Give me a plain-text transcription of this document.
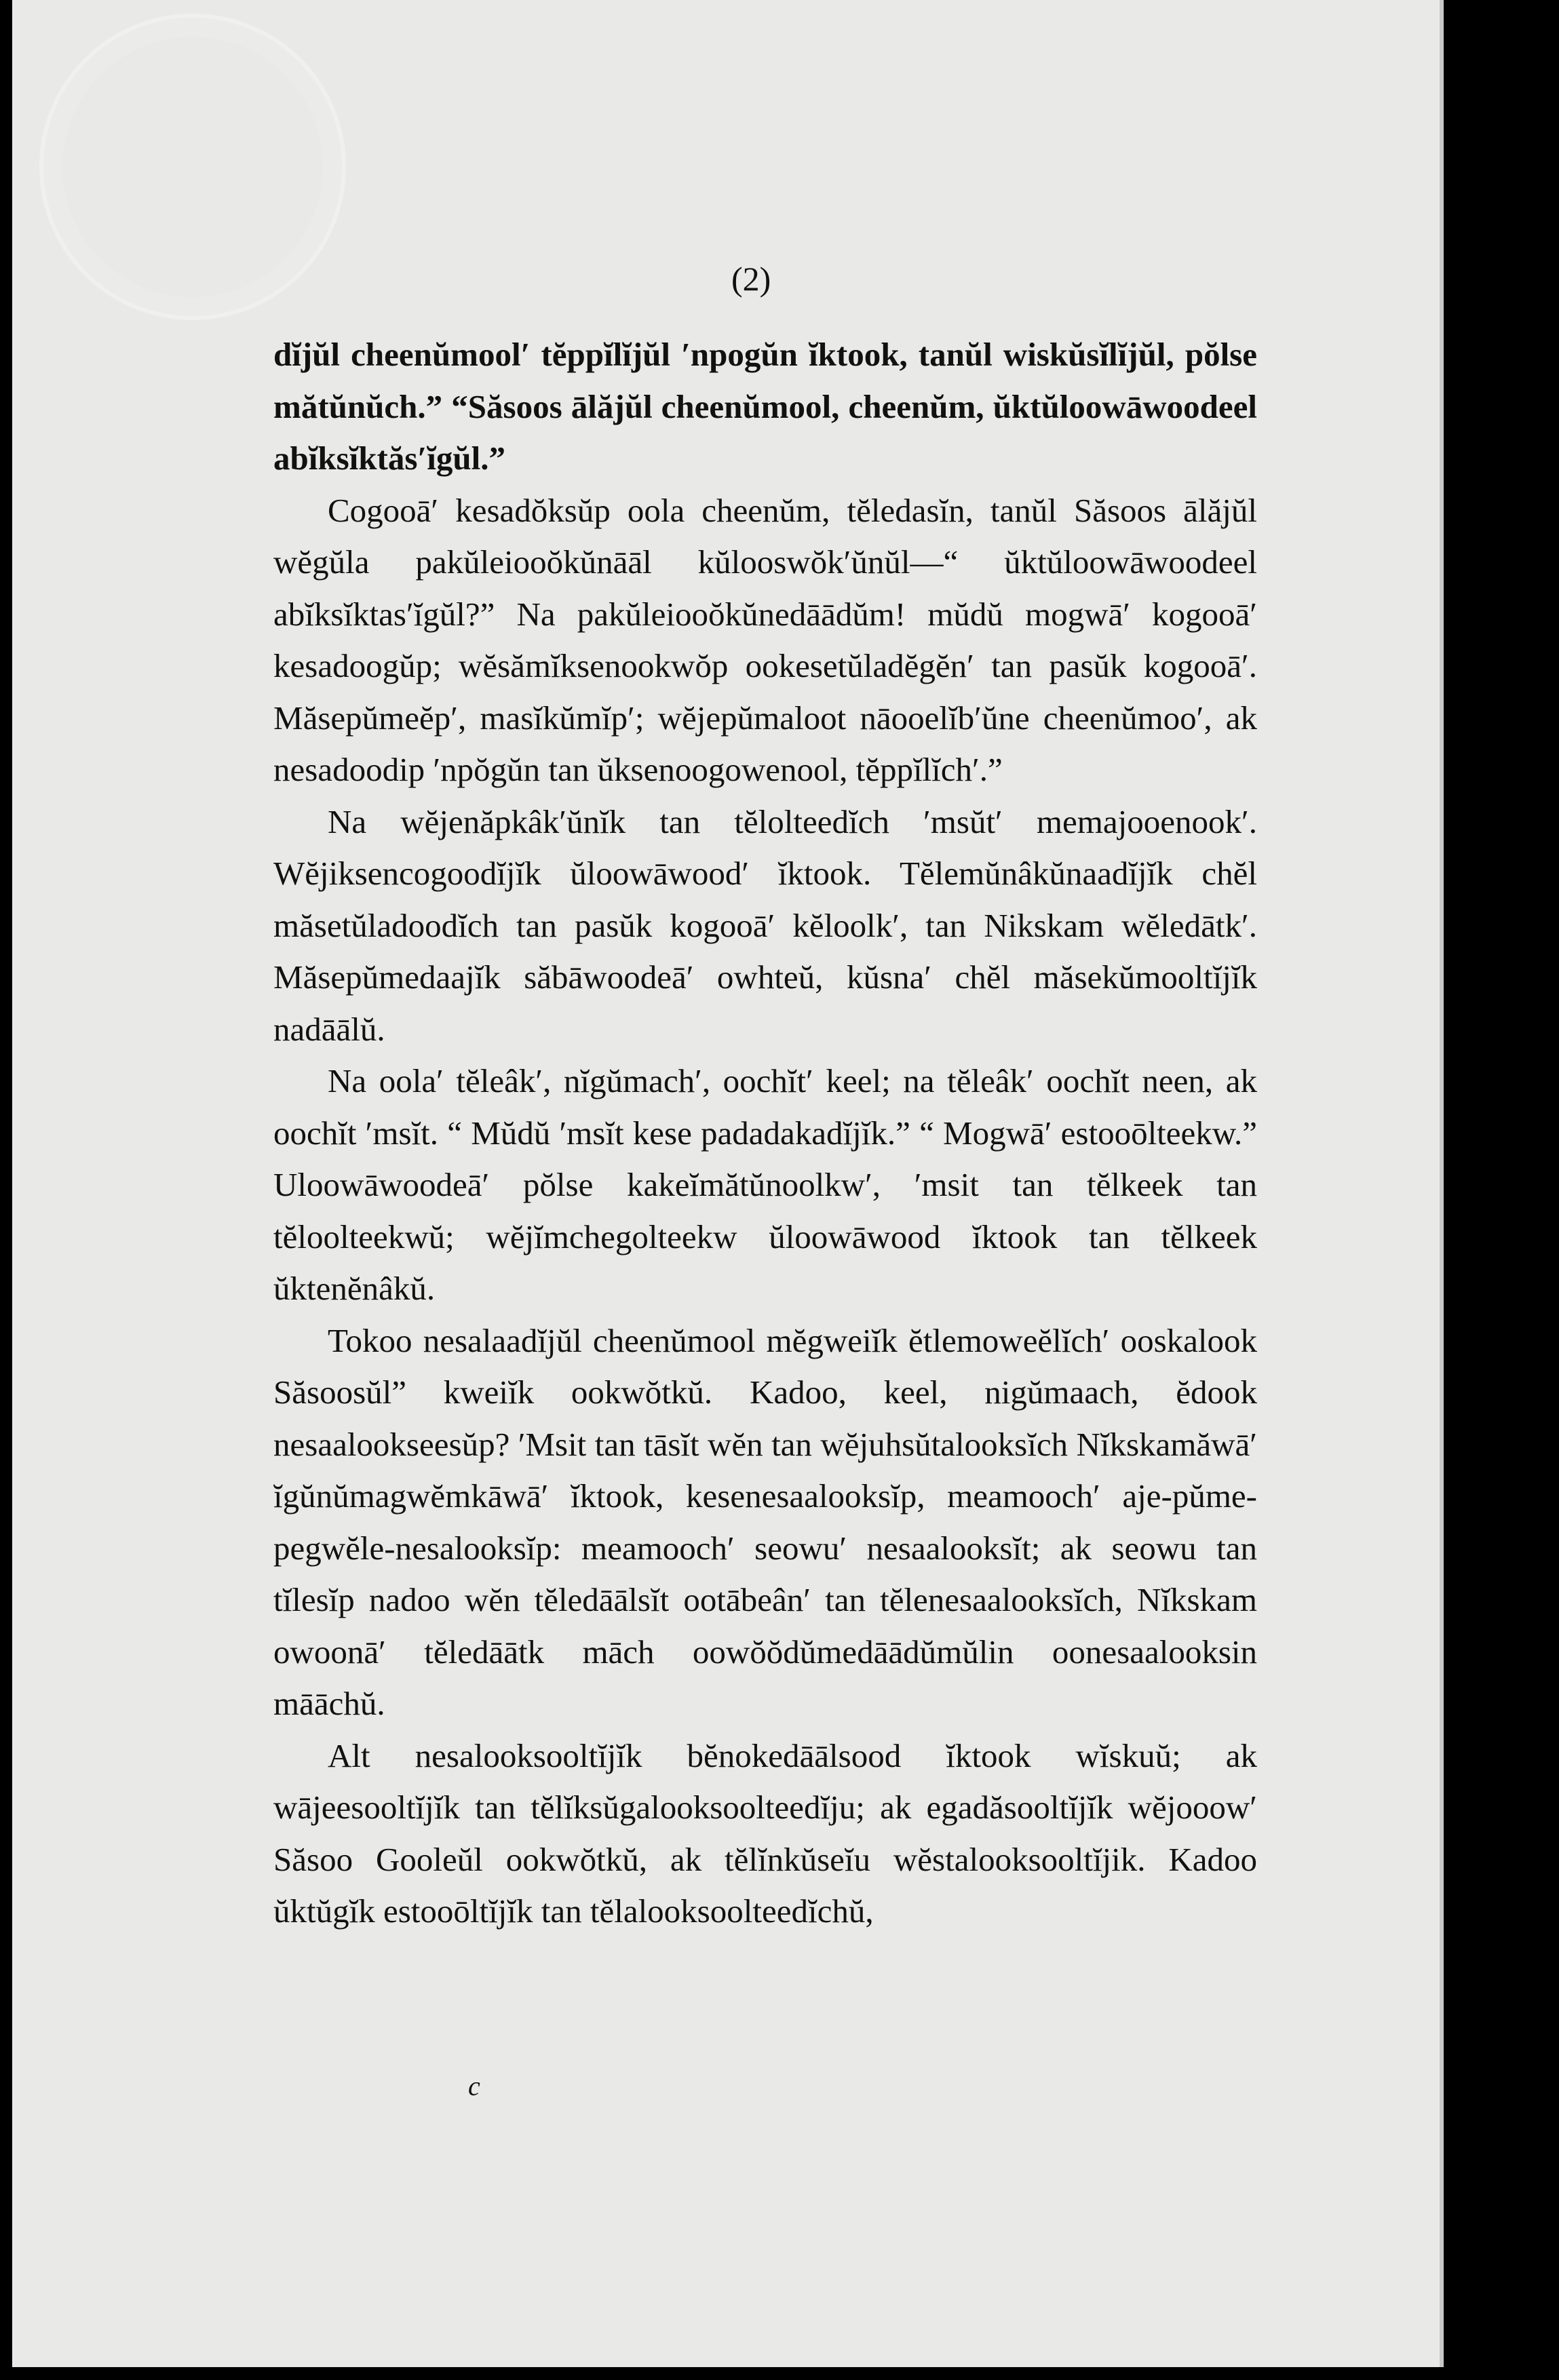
(2)

dĭjŭl cheenŭmool′ tĕppĭlĭjŭl ′npogŭn ĭktook, tanŭl wiskŭsĭlĭjŭl, pŏlse mătŭnŭch.” “Săsoos ālăjŭl cheenŭmool, cheenŭm, ŭktŭloowāwoodeel abĭksĭktăs′ĭgŭl.”

Cogooā′ kesadŏksŭp oola cheenŭm, tĕledasĭn, tanŭl Săsoos ālăjŭl wĕgŭla pakŭleiooŏkŭnāāl kŭlooswŏk′ŭnŭl—“ ŭktŭloowāwoodeel abĭksĭktas′ĭgŭl?” Na pakŭleiooŏkŭnedāādŭm! mŭdŭ mogwā′ kogooā′ kesadoogŭp; wĕsămĭksenookwŏp ookesetŭladĕgĕn′ tan pasŭk kogooā′. Măsepŭmeĕp′, masĭkŭmĭp′; wĕjepŭmaloot nāooelĭb′ŭne cheenŭmoo′, ak nesadoodip ′npŏgŭn tan ŭksenoogowenool, tĕppĭlĭch′.”

Na wĕjenăpkâk′ŭnĭk tan tĕlolteedĭch ′msŭt′ memajooenook′. Wĕjiksencogoodĭjĭk ŭloowāwood′ ĭktook. Tĕlemŭnâkŭnaadĭjĭk chĕl măsetŭladoodĭch tan pasŭk kogooā′ kĕloolk′, tan Nikskam wĕledātk′. Măsepŭmedaajĭk săbāwoodeā′ owhteŭ, kŭsna′ chĕl măsekŭmooltĭjĭk nadāālŭ.

Na oola′ tĕleâk′, nĭgŭmach′, oochĭt′ keel; na tĕleâk′ oochĭt neen, ak oochĭt ′msĭt. “ Mŭdŭ ′msĭt kese padadakadĭjĭk.” “ Mogwā′ estooōlteekw.” Uloowāwoodeā′ pŏlse kakeĭmătŭnoolkw′, ′msit tan tĕlkeek tan tĕloolteekwŭ; wĕjĭmchegolteekw ŭloowāwood ĭktook tan tĕlkeek ŭktenĕnâkŭ.

Tokoo nesalaadĭjŭl cheenŭmool mĕgweiĭk ĕtlemoweĕlĭch′ ooskalook Săsoosŭl” kweiĭk ookwŏtkŭ. Kadoo, keel, nigŭmaach, ĕdook nesaalookseesŭp? ′Msit tan tāsĭt wĕn tan wĕjuhsŭtalooksĭch Nĭkskamăwā′ ĭgŭnŭmagwĕmkāwā′ ĭktook, kesenesaalooksĭp, meamooch′ aje-pŭme-pegwĕle-nesalooksĭp: meamooch′ seowu′ nesaalooksĭt; ak seowu tan tĭlesĭp nadoo wĕn tĕledāālsĭt ootābeân′ tan tĕlenesaalooksĭch, Nĭkskam owoonā′ tĕledāātk māch oowŏŏdŭmedāādŭmŭlin oonesaalooksin māāchŭ.

Alt nesalooksooltĭjĭk bĕnokedāālsood ĭktook wĭskuŭ; ak wājeesooltĭjĭk tan tĕlĭksŭgalooksoolteedĭju; ak egadăsooltĭjĭk wĕjooow′ Săsoo Gooleŭl ookwŏtkŭ, ak tĕlĭnkŭseĭu wĕstalooksooltĭjik. Kadoo ŭktŭgĭk estooōltĭjĭk tan tĕlalooksoolteedĭchŭ,

c
